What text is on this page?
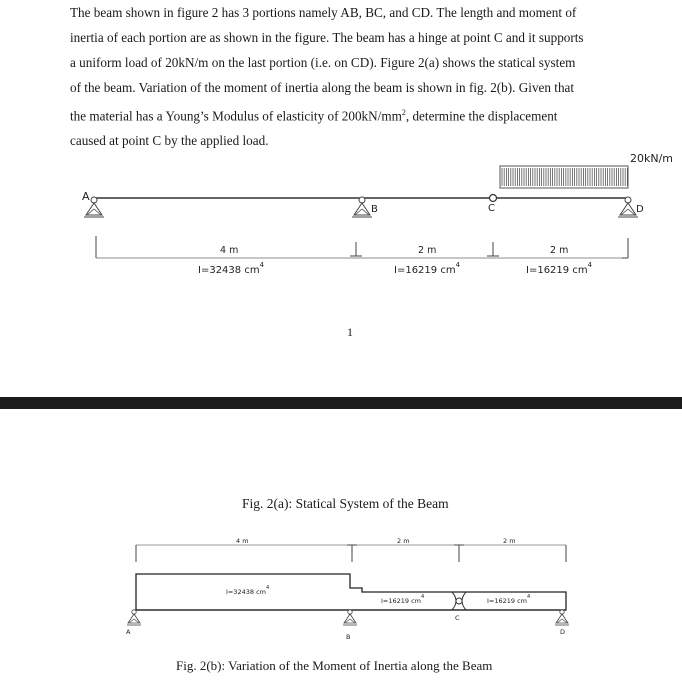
The beam shown in figure 2 has 3 portions namely AB, BC, and CD. The length and moment of
inertia of each portion are as shown in the figure. The beam has a hinge at point C and it supports
a uniform load of 20kN/m on the last portion (i.e. on CD). Figure 2(a) shows the statical system
of the beam. Variation of the moment of inertia along the beam is shown in fig. 2(b). Given that
the material has a Young’s Modulus of elasticity of $200kN/mm^2$, determine the displacement
caused at point C by the applied load.
20kN/m
A
B	C	D
4 m	2 m	2 m
I=32438 $cm^4$	I=16219 $cm^4$	I=16219 $cm^4$
1
Fig. 2(a): Statical System of the Beam
4 m	2 m	2 m
I=32438 $cm^4$
I=16219 $cm^4$	I=16219 $cm^4$
A
B
C
D
Fig. 2(b): Variation of the Moment of Inertia along the Beam
